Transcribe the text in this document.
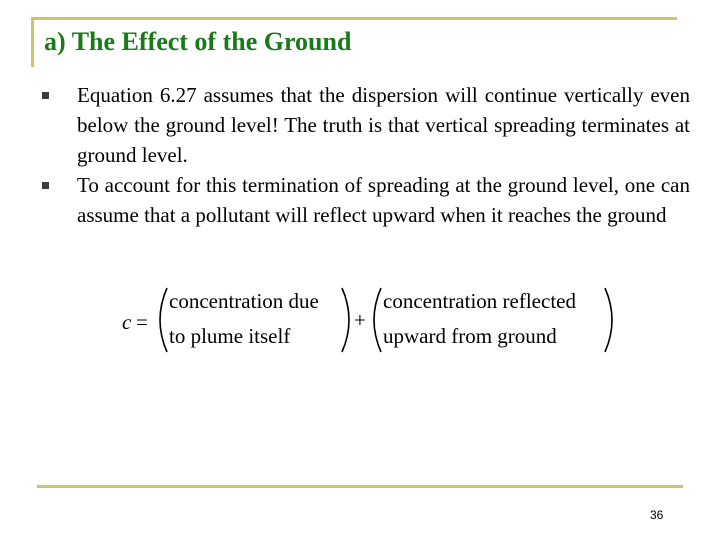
a) The Effect of the Ground
Equation 6.27 assumes that the dispersion will continue vertically even below the ground level! The truth is that vertical spreading terminates at ground level.
To account for this termination of spreading at the ground level, one can assume that a pollutant will reflect upward when it reaches the ground
c =
concentration due
to plume itself
+
concentration reflected
upward from ground
36
